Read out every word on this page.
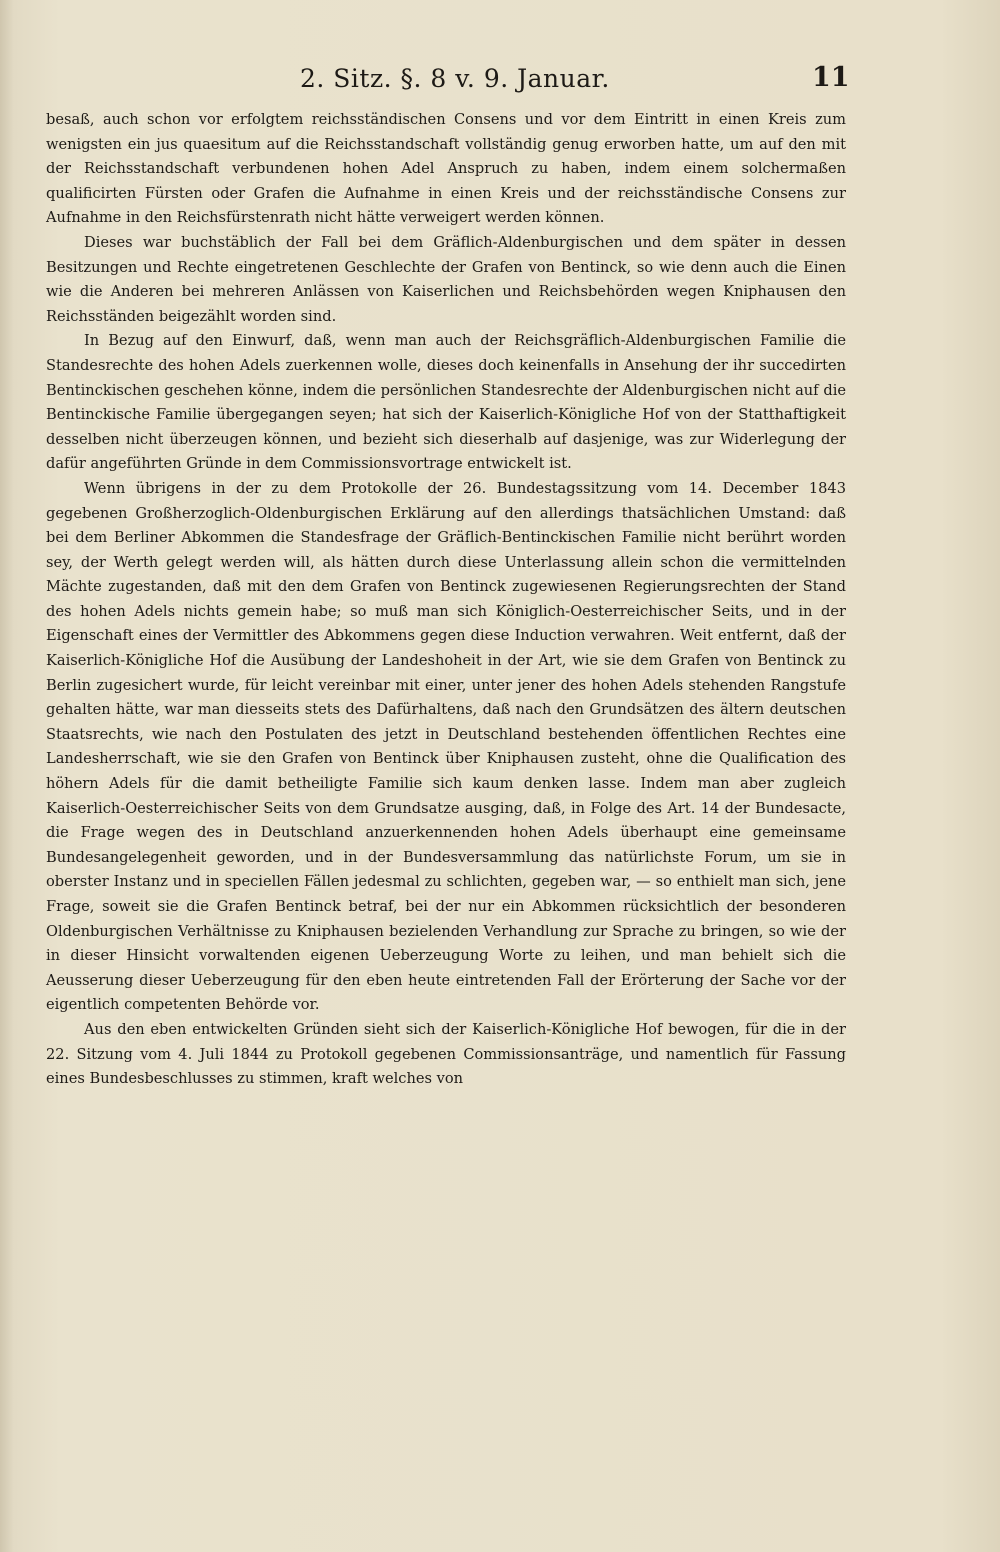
2. Sitz. §. 8 v. 9. Januar.	11

besaß, auch schon vor erfolgtem reichsständischen Consens und vor dem Eintritt in einen Kreis zum wenigsten ein jus quaesitum auf die Reichsstandschaft vollständig genug erworben hatte, um auf den mit der Reichsstandschaft verbundenen hohen Adel Anspruch zu haben, indem einem solchermaßen qualificirten Fürsten oder Grafen die Aufnahme in einen Kreis und der reichsständische Consens zur Aufnahme in den Reichsfürstenrath nicht hätte verweigert werden können.

Dieses war buchstäblich der Fall bei dem Gräflich-Aldenburgischen und dem später in dessen Besitzungen und Rechte eingetretenen Geschlechte der Grafen von Bentinck, so wie denn auch die Einen wie die Anderen bei mehreren Anlässen von Kaiserlichen und Reichsbehörden wegen Kniphausen den Reichsständen beigezählt worden sind.

In Bezug auf den Einwurf, daß, wenn man auch der Reichsgräflich-Aldenburgischen Familie die Standesrechte des hohen Adels zuerkennen wolle, dieses doch keinenfalls in Ansehung der ihr succedirten Bentinckischen geschehen könne, indem die persönlichen Standesrechte der Aldenburgischen nicht auf die Bentinckische Familie übergegangen seyen; hat sich der Kaiserlich-Königliche Hof von der Statthaftigkeit desselben nicht überzeugen können, und bezieht sich dieserhalb auf dasjenige, was zur Widerlegung der dafür angeführten Gründe in dem Commissionsvortrage entwickelt ist.

Wenn übrigens in der zu dem Protokolle der 26. Bundestagssitzung vom 14. December 1843 gegebenen Großherzoglich-Oldenburgischen Erklärung auf den allerdings thatsächlichen Umstand: daß bei dem Berliner Abkommen die Standesfrage der Gräflich-Bentinckischen Familie nicht berührt worden sey, der Werth gelegt werden will, als hätten durch diese Unterlassung allein schon die vermittelnden Mächte zugestanden, daß mit den dem Grafen von Bentinck zugewiesenen Regierungsrechten der Stand des hohen Adels nichts gemein habe; so muß man sich Königlich-Oesterreichischer Seits, und in der Eigenschaft eines der Vermittler des Abkommens gegen diese Induction verwahren. Weit entfernt, daß der Kaiserlich-Königliche Hof die Ausübung der Landeshoheit in der Art, wie sie dem Grafen von Bentinck zu Berlin zugesichert wurde, für leicht vereinbar mit einer, unter jener des hohen Adels stehenden Rangstufe gehalten hätte, war man diesseits stets des Dafürhaltens, daß nach den Grundsätzen des ältern deutschen Staatsrechts, wie nach den Postulaten des jetzt in Deutschland bestehenden öffentlichen Rechtes eine Landesherrschaft, wie sie den Grafen von Bentinck über Kniphausen zusteht, ohne die Qualification des höhern Adels für die damit betheiligte Familie sich kaum denken lasse. Indem man aber zugleich Kaiserlich-Oesterreichischer Seits von dem Grundsatze ausging, daß, in Folge des Art. 14 der Bundesacte, die Frage wegen des in Deutschland anzuerkennenden hohen Adels überhaupt eine gemeinsame Bundesangelegenheit geworden, und in der Bundesversammlung das natürlichste Forum, um sie in oberster Instanz und in speciellen Fällen jedesmal zu schlichten, gegeben war, — so enthielt man sich, jene Frage, soweit sie die Grafen Bentinck betraf, bei der nur ein Abkommen rücksichtlich der besonderen Oldenburgischen Verhältnisse zu Kniphausen bezielenden Verhandlung zur Sprache zu bringen, so wie der in dieser Hinsicht vorwaltenden eigenen Ueberzeugung Worte zu leihen, und man behielt sich die Aeusserung dieser Ueberzeugung für den eben heute eintretenden Fall der Erörterung der Sache vor der eigentlich competenten Behörde vor.

Aus den eben entwickelten Gründen sieht sich der Kaiserlich-Königliche Hof bewogen, für die in der 22. Sitzung vom 4. Juli 1844 zu Protokoll gegebenen Commissionsanträge, und namentlich für Fassung eines Bundesbeschlusses zu stimmen, kraft welches von
